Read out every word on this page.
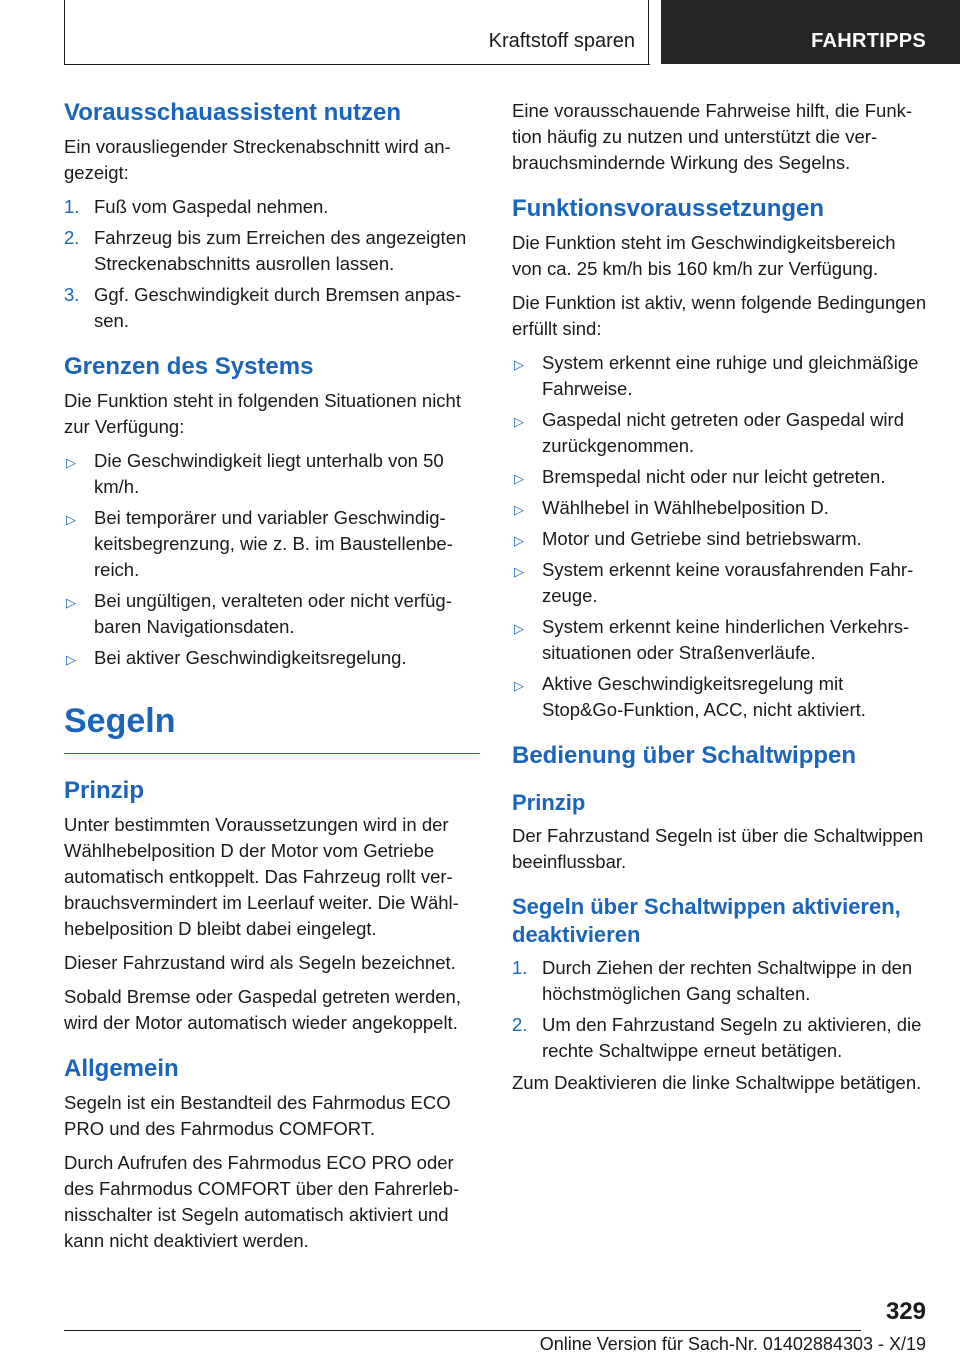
Kraftstoff sparen	FAHRTIPPS
Vorausschauassistent nutzen

Ein vorausliegender Streckenabschnitt wird angezeigt:

1. Fuß vom Gaspedal nehmen.
2. Fahrzeug bis zum Erreichen des angezeigten Streckenabschnitts ausrollen lassen.
3. Ggf. Geschwindigkeit durch Bremsen anpassen.
Grenzen des Systems

Die Funktion steht in folgenden Situationen nicht zur Verfügung:

▷ Die Geschwindigkeit liegt unterhalb von 50 km/h.
▷ Bei temporärer und variabler Geschwindigkeitsbegrenzung, wie z. B. im Baustellenbereich.
▷ Bei ungültigen, veralteten oder nicht verfügbaren Navigationsdaten.
▷ Bei aktiver Geschwindigkeitsregelung.
Segeln
Prinzip

Unter bestimmten Voraussetzungen wird in der Wählhebelposition D der Motor vom Getriebe automatisch entkoppelt. Das Fahrzeug rollt verbrauchsvermindert im Leerlauf weiter. Die Wählhebelposition D bleibt dabei eingelegt.

Dieser Fahrzustand wird als Segeln bezeichnet.

Sobald Bremse oder Gaspedal getreten werden, wird der Motor automatisch wieder angekoppelt.

Allgemein

Segeln ist ein Bestandteil des Fahrmodus ECO PRO und des Fahrmodus COMFORT.

Durch Aufrufen des Fahrmodus ECO PRO oder des Fahrmodus COMFORT über den Fahrerlebnisschalter ist Segeln automatisch aktiviert und kann nicht deaktiviert werden.

Eine vorausschauende Fahrweise hilft, die Funktion häufig zu nutzen und unterstützt die verbrauchsmindernde Wirkung des Segelns.

Funktionsvoraussetzungen

Die Funktion steht im Geschwindigkeitsbereich von ca. 25 km/h bis 160 km/h zur Verfügung.

Die Funktion ist aktiv, wenn folgende Bedingungen erfüllt sind:

▷ System erkennt eine ruhige und gleichmäßige Fahrweise.
▷ Gaspedal nicht getreten oder Gaspedal wird zurückgenommen.
▷ Bremspedal nicht oder nur leicht getreten.
▷ Wählhebel in Wählhebelposition D.
▷ Motor und Getriebe sind betriebswarm.
▷ System erkennt keine vorausfahrenden Fahrzeuge.
▷ System erkennt keine hinderlichen Verkehrssituationen oder Straßenverläufe.
▷ Aktive Geschwindigkeitsregelung mit Stop&Go-Funktion, ACC, nicht aktiviert.
Bedienung über Schaltwippen
Prinzip

Der Fahrzustand Segeln ist über die Schaltwippen beeinflussbar.

Segeln über Schaltwippen aktivieren, deaktivieren
1. Durch Ziehen der rechten Schaltwippe in den höchstmöglichen Gang schalten.
2. Um den Fahrzustand Segeln zu aktivieren, die rechte Schaltwippe erneut betätigen.

Zum Deaktivieren die linke Schaltwippe betätigen.

329
Online Version für Sach-Nr. 01402884303 - X/19
